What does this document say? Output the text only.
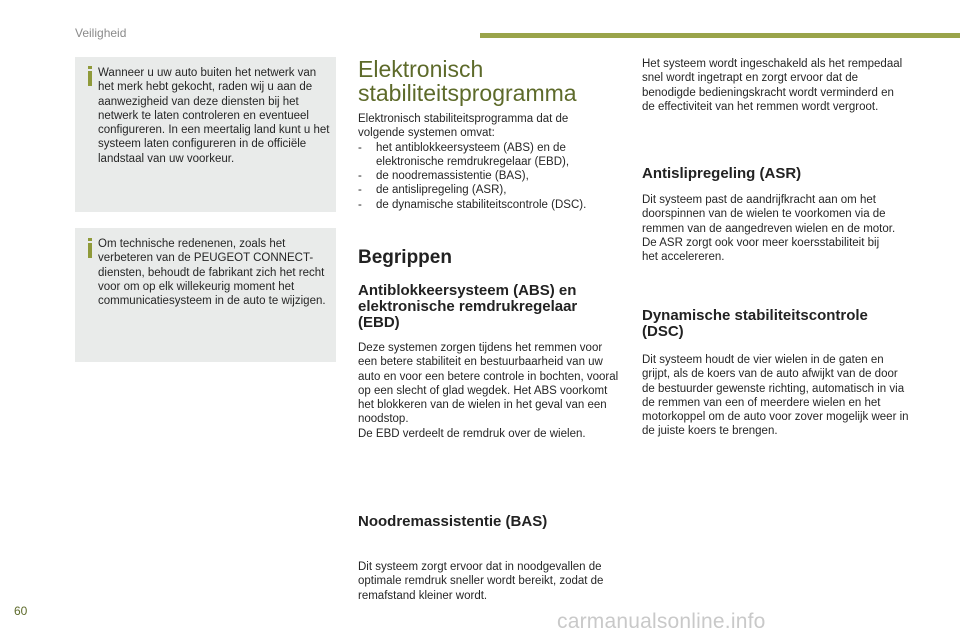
Veiligheid
Wanneer u uw auto buiten het netwerk van het merk hebt gekocht, raden wij u aan de aanwezigheid van deze diensten bij het netwerk te laten controleren en eventueel configureren. In een meertalig land kunt u het systeem laten configureren in de officiële landstaal van uw voorkeur.
Om technische redenenen, zoals het verbeteren van de PEUGEOT CONNECT-diensten, behoudt de fabrikant zich het recht voor om op elk willekeurig moment het communicatiesysteem in de auto te wijzigen.
Elektronisch
stabiliteitsprogramma
Elektronisch stabiliteitsprogramma dat de volgende systemen omvat:
- het antiblokkeersysteem (ABS) en de elektronische remdrukregelaar (EBD),
- de noodremassistentie (BAS),
- de antislipregeling (ASR),
- de dynamische stabiliteitscontrole (DSC).
Begrippen
Antiblokkeersysteem (ABS) en elektronische remdrukregelaar (EBD)
Deze systemen zorgen tijdens het remmen voor een betere stabiliteit en bestuurbaarheid van uw auto en voor een betere controle in bochten, vooral op een slecht of glad wegdek. Het ABS voorkomt het blokkeren van de wielen in het geval van een noodstop.
De EBD verdeelt de remdruk over de wielen.
Noodremassistentie (BAS)
Dit systeem zorgt ervoor dat in noodgevallen de optimale remdruk sneller wordt bereikt, zodat de remafstand kleiner wordt.
Het systeem wordt ingeschakeld als het rempedaal snel wordt ingetrapt en zorgt ervoor dat de benodigde bedieningskracht wordt verminderd en de effectiviteit van het remmen wordt vergroot.
Antislipregeling (ASR)
Dit systeem past de aandrijfkracht aan om het doorspinnen van de wielen te voorkomen via de remmen van de aangedreven wielen en de motor. De ASR zorgt ook voor meer koersstabiliteit bij het accelereren.
Dynamische stabiliteitscontrole (DSC)
Dit systeem houdt de vier wielen in de gaten en grijpt, als de koers van de auto afwijkt van de door de bestuurder gewenste richting, automatisch in via de remmen van een of meerdere wielen en het motorkoppel om de auto voor zover mogelijk weer in de juiste koers te brengen.
60	carmanualsonline.info
